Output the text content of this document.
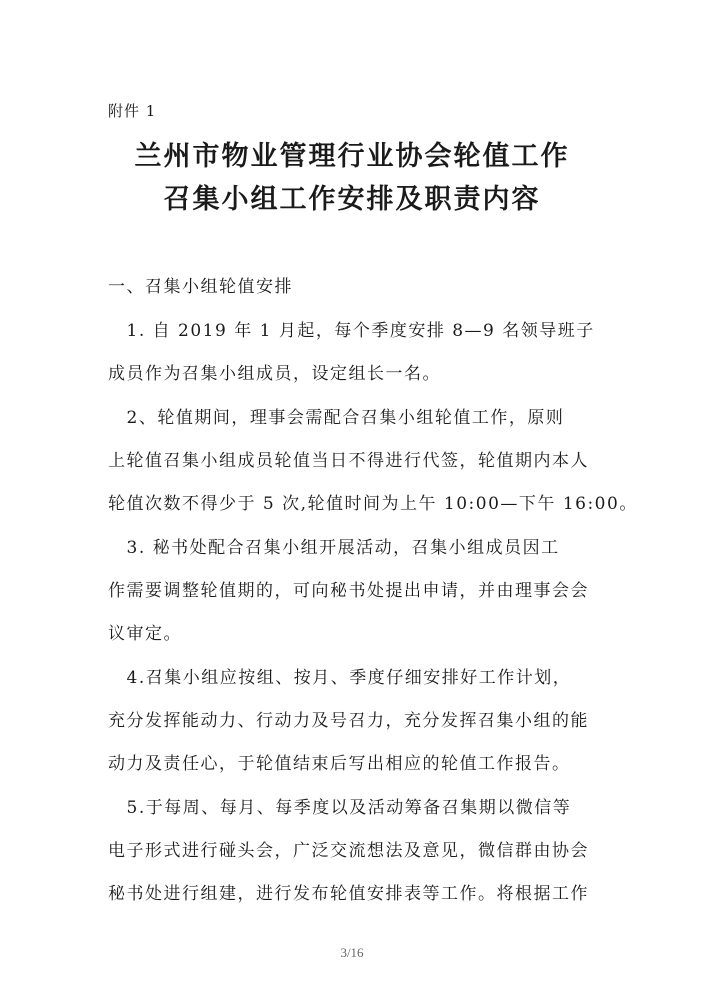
附件 1
兰州市物业管理行业协会轮值工作
召集小组工作安排及职责内容
一、召集小组轮值安排
　1. 自 2019 年 1 月起，每个季度安排 8—9 名领导班子
成员作为召集小组成员，设定组长一名。
　2、轮值期间，理事会需配合召集小组轮值工作，原则
上轮值召集小组成员轮值当日不得进行代签，轮值期内本人
轮值次数不得少于 5 次,轮值时间为上午 10:00—下午 16:00。
　3. 秘书处配合召集小组开展活动，召集小组成员因工
作需要调整轮值期的，可向秘书处提出申请，并由理事会会
议审定。
　4.召集小组应按组、按月、季度仔细安排好工作计划，
充分发挥能动力、行动力及号召力，充分发挥召集小组的能
动力及责任心，于轮值结束后写出相应的轮值工作报告。
　5.于每周、每月、每季度以及活动筹备召集期以微信等
电子形式进行碰头会，广泛交流想法及意见，微信群由协会
秘书处进行组建，进行发布轮值安排表等工作。将根据工作
3/16
